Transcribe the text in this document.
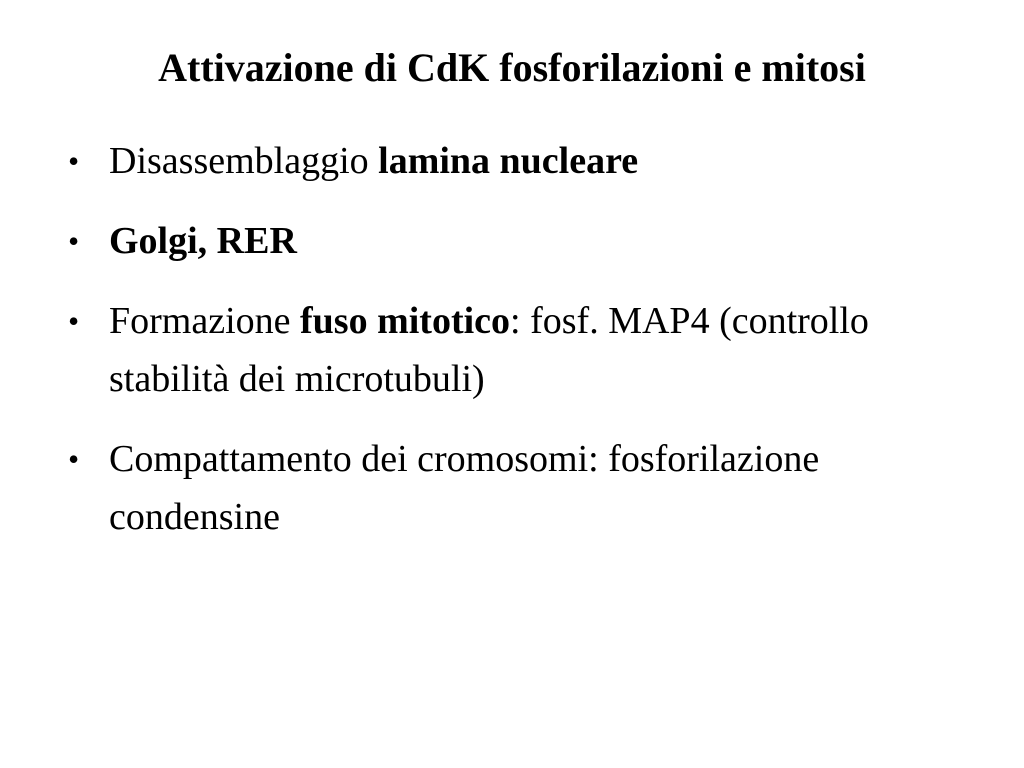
Attivazione di CdK fosforilazioni e mitosi
• Disassemblaggio lamina nucleare
• Golgi, RER
• Formazione fuso mitotico: fosf. MAP4 (controllo stabilità dei microtubuli)
• Compattamento dei cromosomi: fosforilazione condensine
